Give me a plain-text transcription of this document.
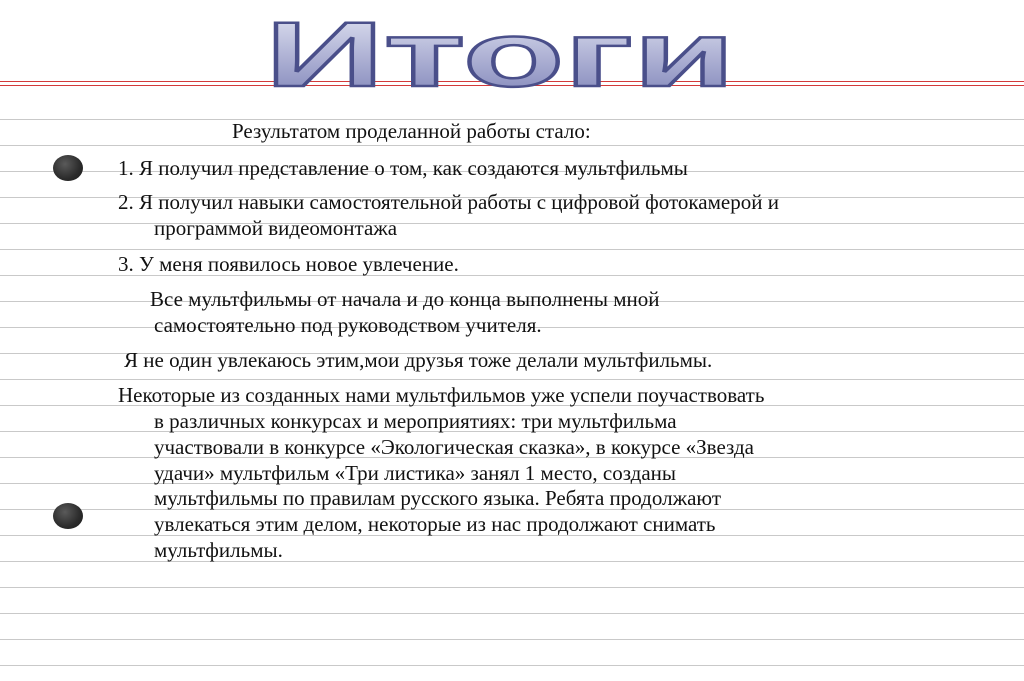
Итоги
Результатом проделанной работы стало:
1. Я получил представление о том, как создаются мультфильмы
2. Я получил навыки самостоятельной работы с цифровой фотокамерой и
программой видеомонтажа
3. У меня появилось новое увлечение.
Все мультфильмы от начала и до конца выполнены мной
самостоятельно под руководством учителя.
Я не один увлекаюсь этим,мои друзья тоже делали мультфильмы.
Некоторые из созданных нами мультфильмов уже успели поучаствовать
в различных конкурсах и мероприятиях: три мультфильма
участвовали в конкурсе «Экологическая сказка», в кокурсе «Звезда
удачи» мультфильм «Три листика» занял 1 место, созданы
мультфильмы по правилам русского языка. Ребята продолжают
увлекаться этим делом, некоторые из нас продолжают снимать
мультфильмы.
